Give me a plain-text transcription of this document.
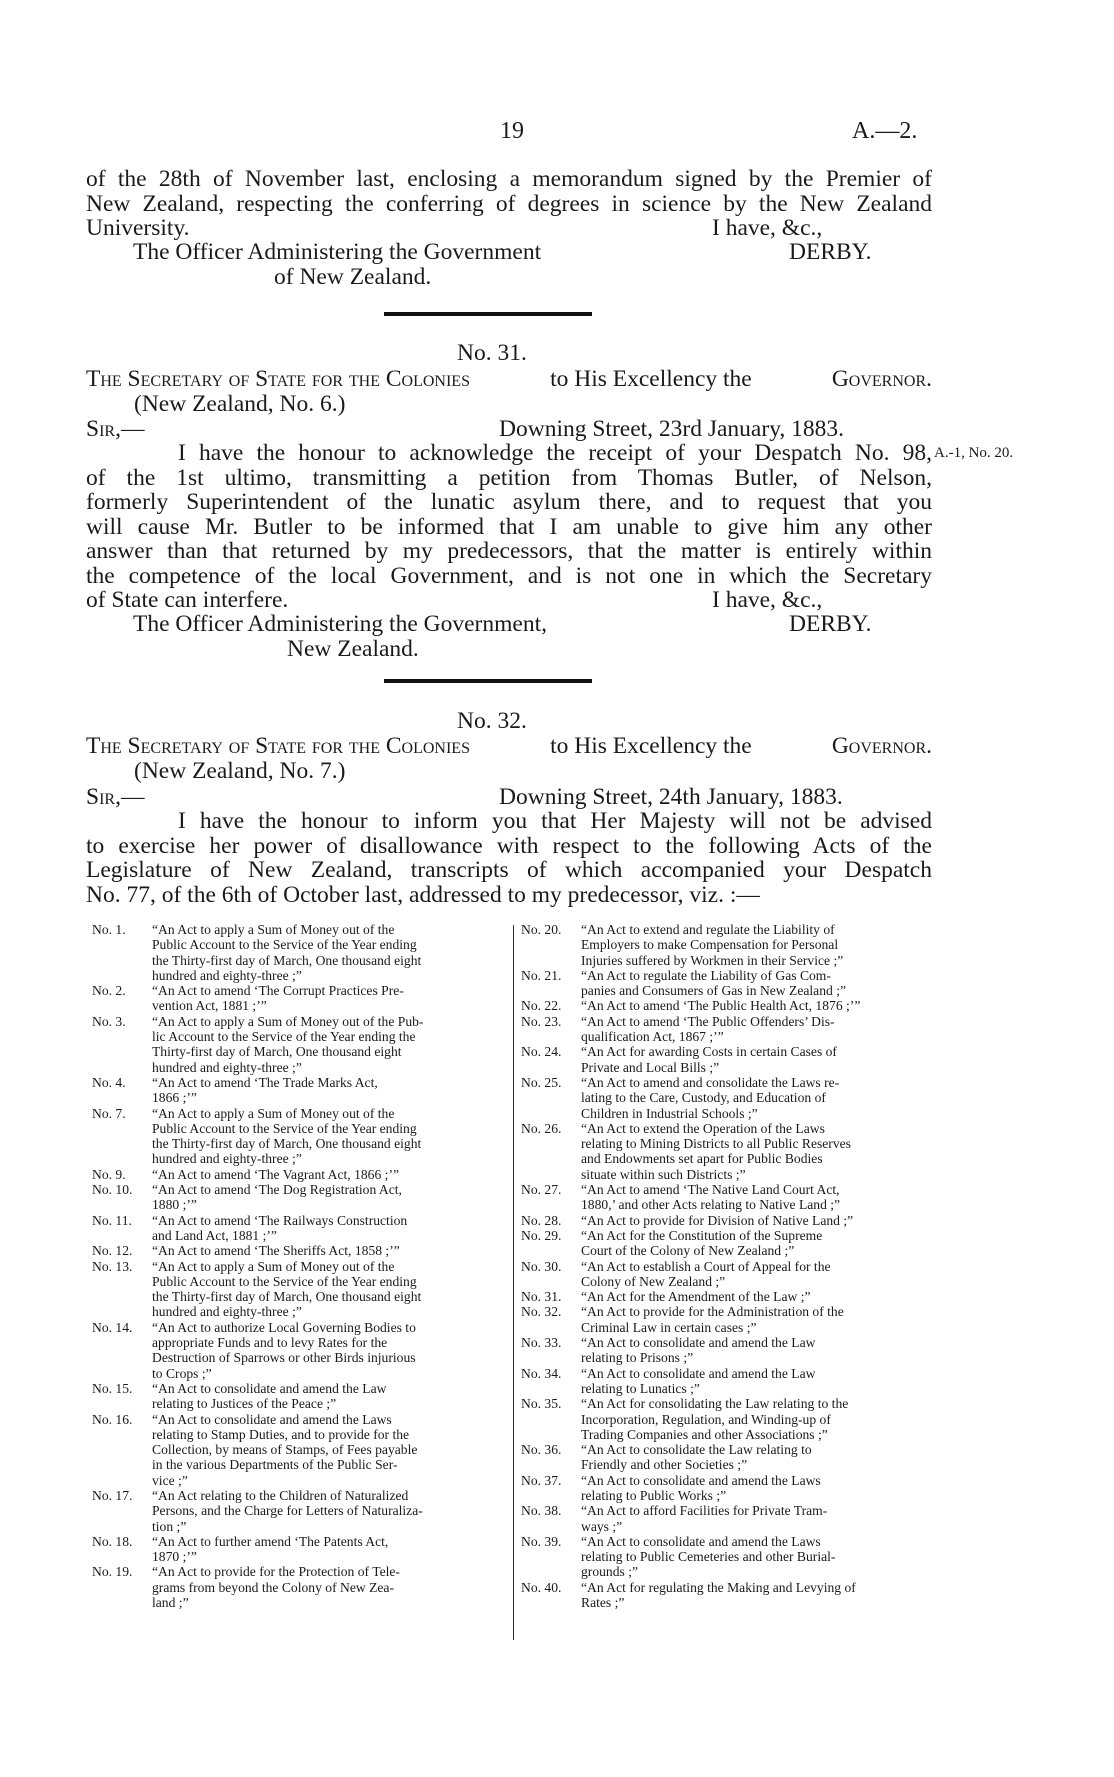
19	A.—2.
of the 28th of November last, enclosing a memorandum signed by the Premier of
New Zealand, respecting the conferring of degrees in science by the New Zealand
University.	I have, &c.,
The Officer Administering the Government	DERBY.
of New Zealand.
No. 31.
The Secretary of State for the Colonies	to His Excellency the	Governor.
(New Zealand, No. 6.)
Sir,—	Downing Street, 23rd January, 1883.
A.-1, No. 20.
I have the honour to acknowledge the receipt of your Despatch No. 98,
of the 1st ultimo, transmitting a petition from Thomas Butler, of Nelson,
formerly Superintendent of the lunatic asylum there, and to request that you
will cause Mr. Butler to be informed that I am unable to give him any other
answer than that returned by my predecessors, that the matter is entirely within
the competence of the local Government, and is not one in which the Secretary
of State can interfere.	I have, &c.,
The Officer Administering the Government,	DERBY.
New Zealand.
No. 32.
The Secretary of State for the Colonies	to His Excellency the	Governor.
(New Zealand, No. 7.)
Sir,—	Downing Street, 24th January, 1883.
I have the honour to inform you that Her Majesty will not be advised
to exercise her power of disallowance with respect to the following Acts of the
Legislature of New Zealand, transcripts of which accompanied your Despatch
No. 77, of the 6th of October last, addressed to my predecessor, viz. :—
No. 1.	“An Act to apply a Sum of Money out of the
Public Account to the Service of the Year ending
the Thirty-first day of March, One thousand eight
hundred and eighty-three ;”
No. 2.	“An Act to amend ‘The Corrupt Practices Pre-
vention Act, 1881 ;’”
No. 3.	“An Act to apply a Sum of Money out of the Pub-
lic Account to the Service of the Year ending the
Thirty-first day of March, One thousand eight
hundred and eighty-three ;”
No. 4.	“An Act to amend ‘The Trade Marks Act,
1866 ;’”
No. 7.	“An Act to apply a Sum of Money out of the
Public Account to the Service of the Year ending
the Thirty-first day of March, One thousand eight
hundred and eighty-three ;”
No. 9.	“An Act to amend ‘The Vagrant Act, 1866 ;’”
No. 10.	“An Act to amend ‘The Dog Registration Act,
1880 ;’”
No. 11.	“An Act to amend ‘The Railways Construction
and Land Act, 1881 ;’”
No. 12.	“An Act to amend ‘The Sheriffs Act, 1858 ;’”
No. 13.	“An Act to apply a Sum of Money out of the
Public Account to the Service of the Year ending
the Thirty-first day of March, One thousand eight
hundred and eighty-three ;”
No. 14.	“An Act to authorize Local Governing Bodies to
appropriate Funds and to levy Rates for the
Destruction of Sparrows or other Birds injurious
to Crops ;”
No. 15.	“An Act to consolidate and amend the Law
relating to Justices of the Peace ;”
No. 16.	“An Act to consolidate and amend the Laws
relating to Stamp Duties, and to provide for the
Collection, by means of Stamps, of Fees payable
in the various Departments of the Public Ser-
vice ;”
No. 17.	“An Act relating to the Children of Naturalized
Persons, and the Charge for Letters of Naturaliza-
tion ;”
No. 18.	“An Act to further amend ‘The Patents Act,
1870 ;’”
No. 19.	“An Act to provide for the Protection of Tele-
grams from beyond the Colony of New Zea-
land ;”
No. 20.	“An Act to extend and regulate the Liability of
Employers to make Compensation for Personal
Injuries suffered by Workmen in their Service ;”
No. 21.	“An Act to regulate the Liability of Gas Com-
panies and Consumers of Gas in New Zealand ;”
No. 22.	“An Act to amend ‘The Public Health Act, 1876 ;’”
No. 23.	“An Act to amend ‘The Public Offenders’ Dis-
qualification Act, 1867 ;’”
No. 24.	“An Act for awarding Costs in certain Cases of
Private and Local Bills ;”
No. 25.	“An Act to amend and consolidate the Laws re-
lating to the Care, Custody, and Education of
Children in Industrial Schools ;”
No. 26.	“An Act to extend the Operation of the Laws
relating to Mining Districts to all Public Reserves
and Endowments set apart for Public Bodies
situate within such Districts ;”
No. 27.	“An Act to amend ‘The Native Land Court Act,
1880,’ and other Acts relating to Native Land ;”
No. 28.	“An Act to provide for Division of Native Land ;”
No. 29.	“An Act for the Constitution of the Supreme
Court of the Colony of New Zealand ;”
No. 30.	“An Act to establish a Court of Appeal for the
Colony of New Zealand ;”
No. 31.	“An Act for the Amendment of the Law ;”
No. 32.	“An Act to provide for the Administration of the
Criminal Law in certain cases ;”
No. 33.	“An Act to consolidate and amend the Law
relating to Prisons ;”
No. 34.	“An Act to consolidate and amend the Law
relating to Lunatics ;”
No. 35.	“An Act for consolidating the Law relating to the
Incorporation, Regulation, and Winding-up of
Trading Companies and other Associations ;”
No. 36.	“An Act to consolidate the Law relating to
Friendly and other Societies ;”
No. 37.	“An Act to consolidate and amend the Laws
relating to Public Works ;”
No. 38.	“An Act to afford Facilities for Private Tram-
ways ;”
No. 39.	“An Act to consolidate and amend the Laws
relating to Public Cemeteries and other Burial-
grounds ;”
No. 40.	“An Act for regulating the Making and Levying of
Rates ;”
